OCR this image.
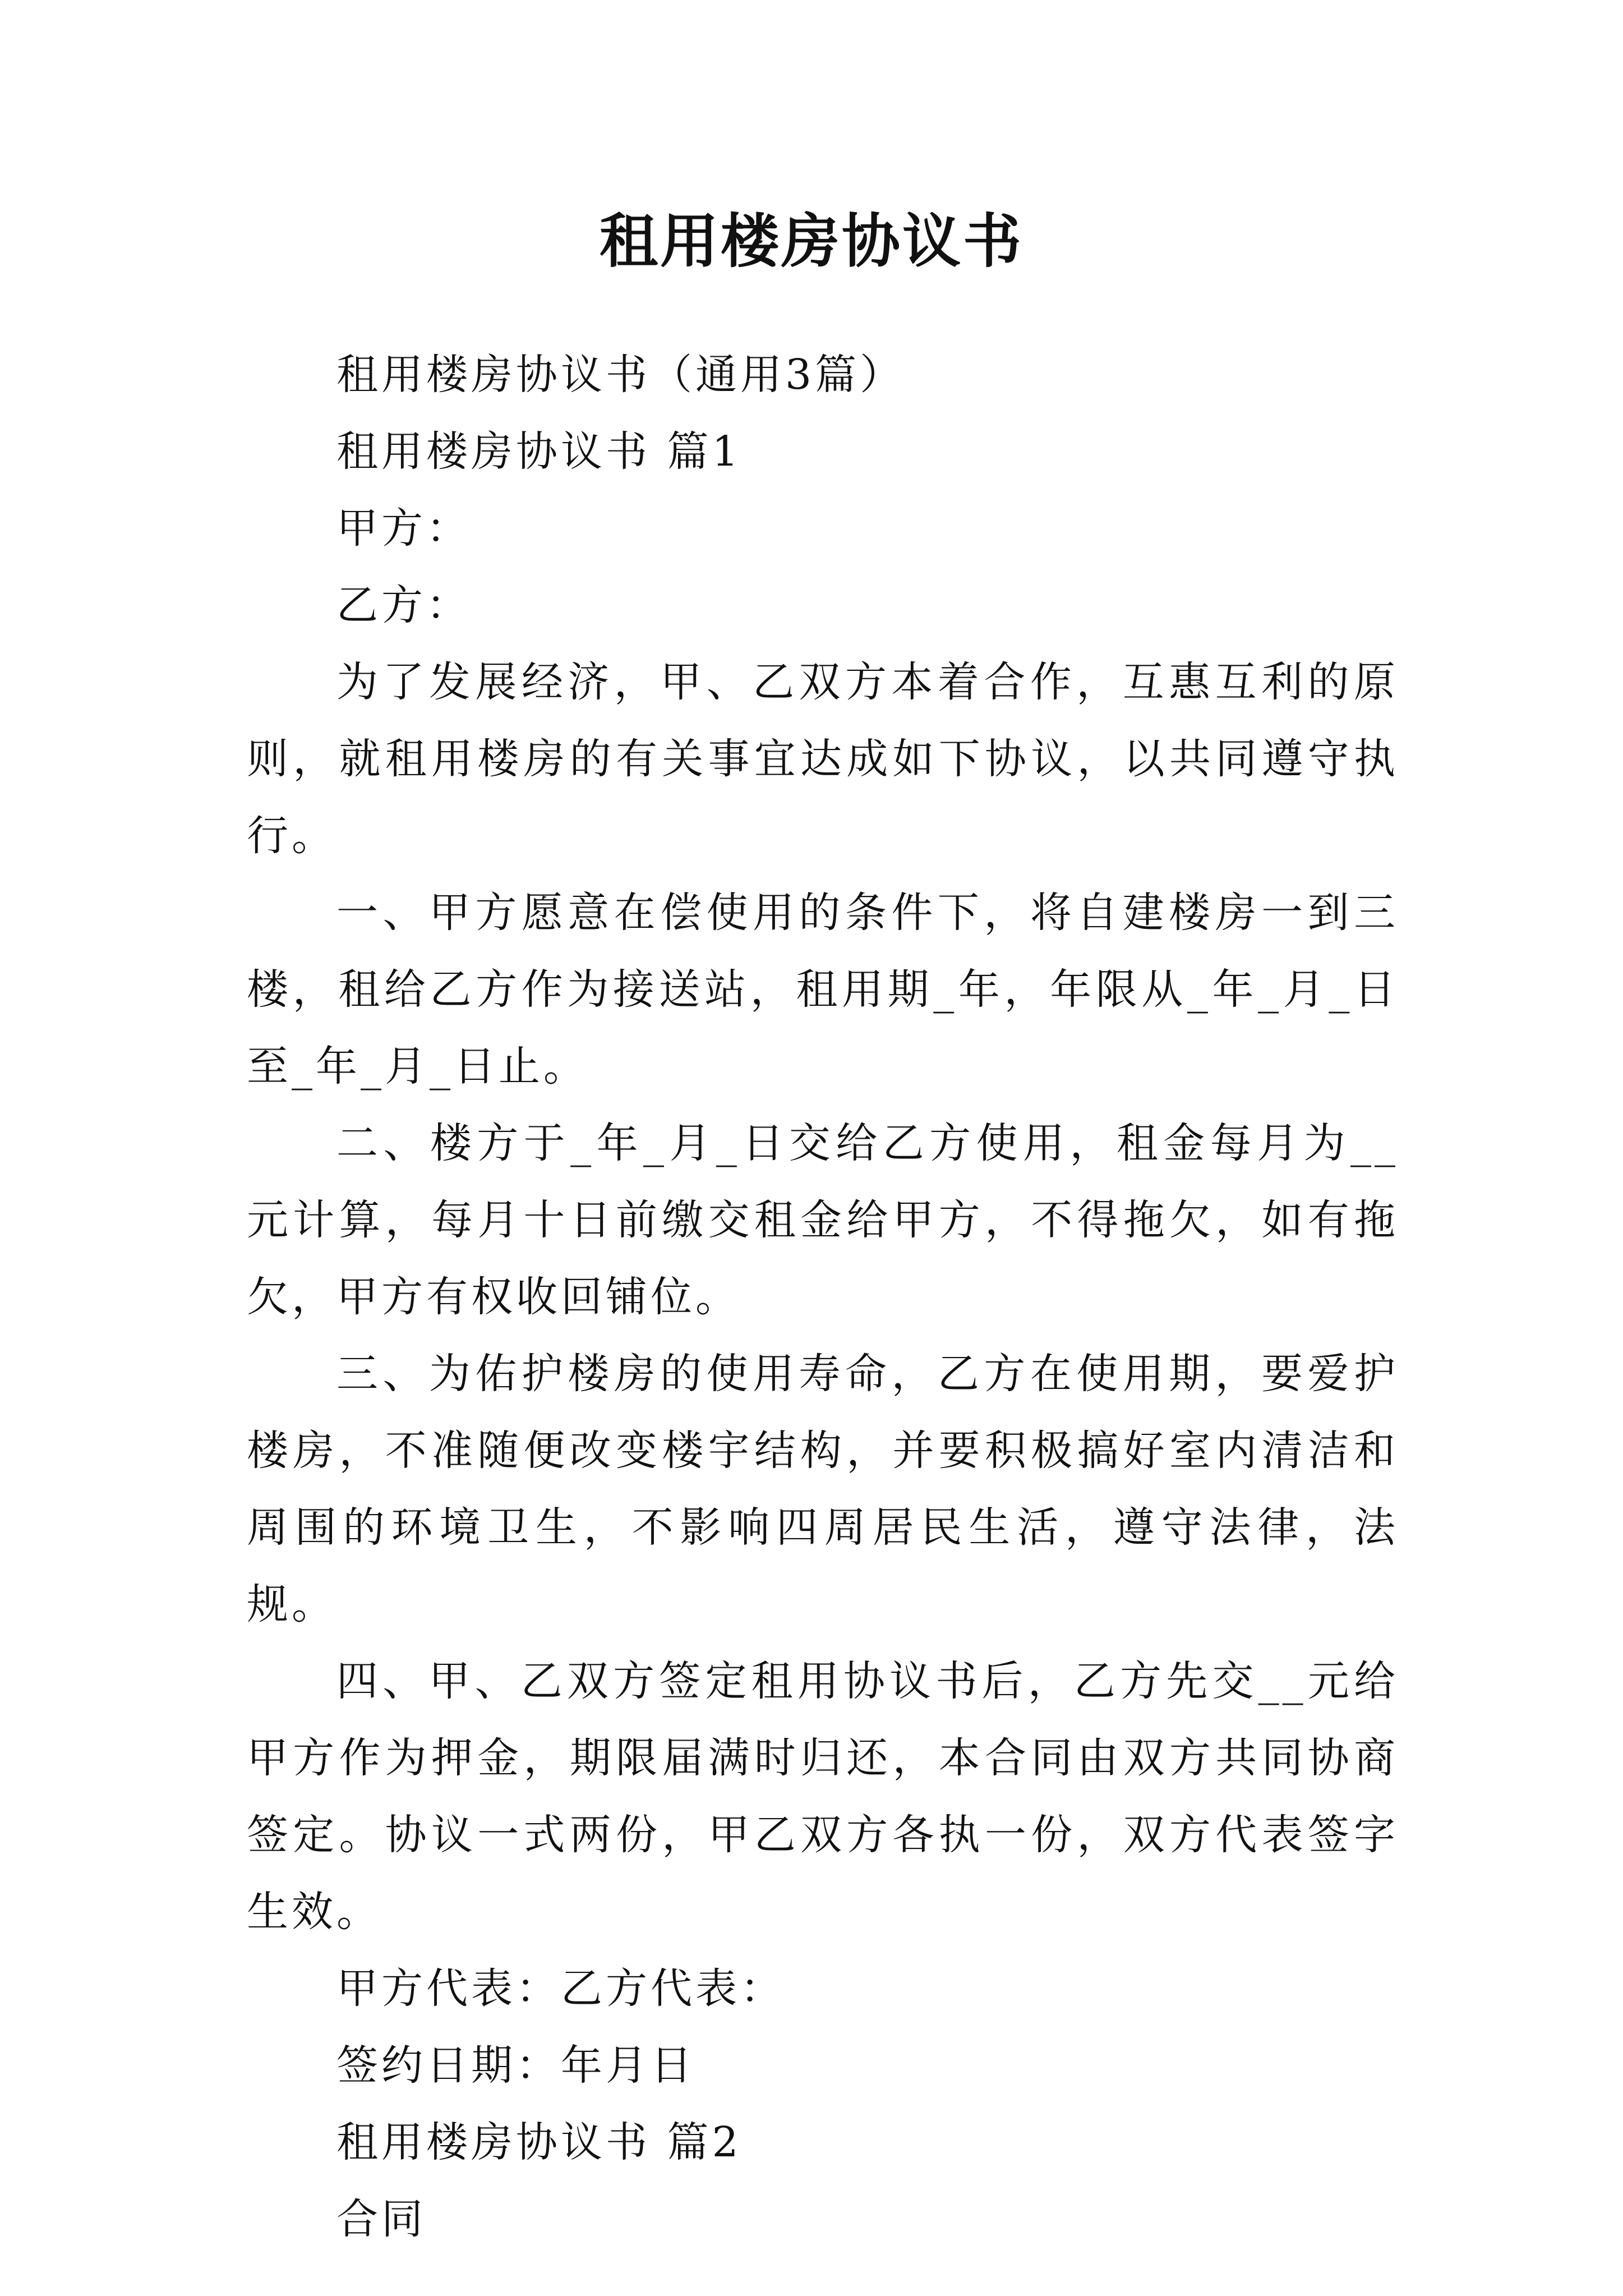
租用楼房协议书

租用楼房协议书（通用3篇）

租用楼房协议书 篇1

甲方：

乙方：

为了发展经济，甲、乙双方本着合作，互惠互利的原则，就租用楼房的有关事宜达成如下协议，以共同遵守执行。

一、甲方愿意在偿使用的条件下，将自建楼房一到三楼，租给乙方作为接送站，租用期_年，年限从_年_月_日至_年_月_日止。

二、楼方于_年_月_日交给乙方使用，租金每月为__元计算，每月十日前缴交租金给甲方，不得拖欠，如有拖欠，甲方有权收回铺位。

三、为佑护楼房的使用寿命，乙方在使用期，要爱护楼房，不准随便改变楼宇结构，并要积极搞好室内清洁和周围的环境卫生，不影响四周居民生活，遵守法律，法规。

四、甲、乙双方签定租用协议书后，乙方先交__元给甲方作为押金，期限届满时归还，本合同由双方共同协商签定。协议一式两份，甲乙双方各执一份，双方代表签字生效。

甲方代表：乙方代表：

签约日期：年月日

租用楼房协议书 篇2

合同
